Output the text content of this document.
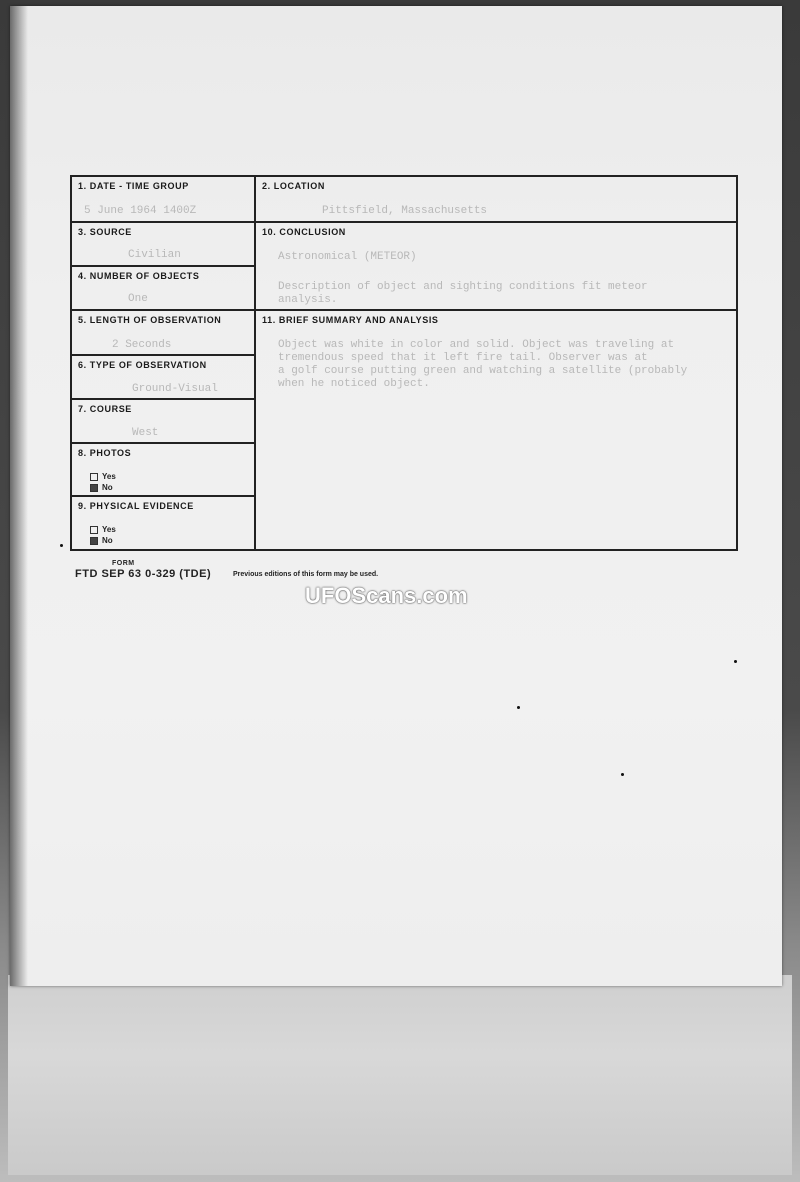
1. DATE - TIME GROUP
5 June 1964 1400Z
2. LOCATION
Pittsfield, Massachusetts
3. SOURCE
Civilian
10. CONCLUSION
Astronomical (METEOR)
Description of object and sighting conditions fit meteor
analysis.
4. NUMBER OF OBJECTS
One
5. LENGTH OF OBSERVATION
2 Seconds
11. BRIEF SUMMARY AND ANALYSIS
Object was white in color and solid. Object was traveling at
tremendous speed that it left fire tail. Observer was at
a golf course putting green and watching a satellite (probably
when he noticed object.
6. TYPE OF OBSERVATION
Ground-Visual
7. COURSE
West
8. PHOTOS
Yes
No
9. PHYSICAL EVIDENCE
Yes
No
FORM
FTD SEP 63 0-329 (TDE)	Previous editions of this form may be used.
UFOScans.com
